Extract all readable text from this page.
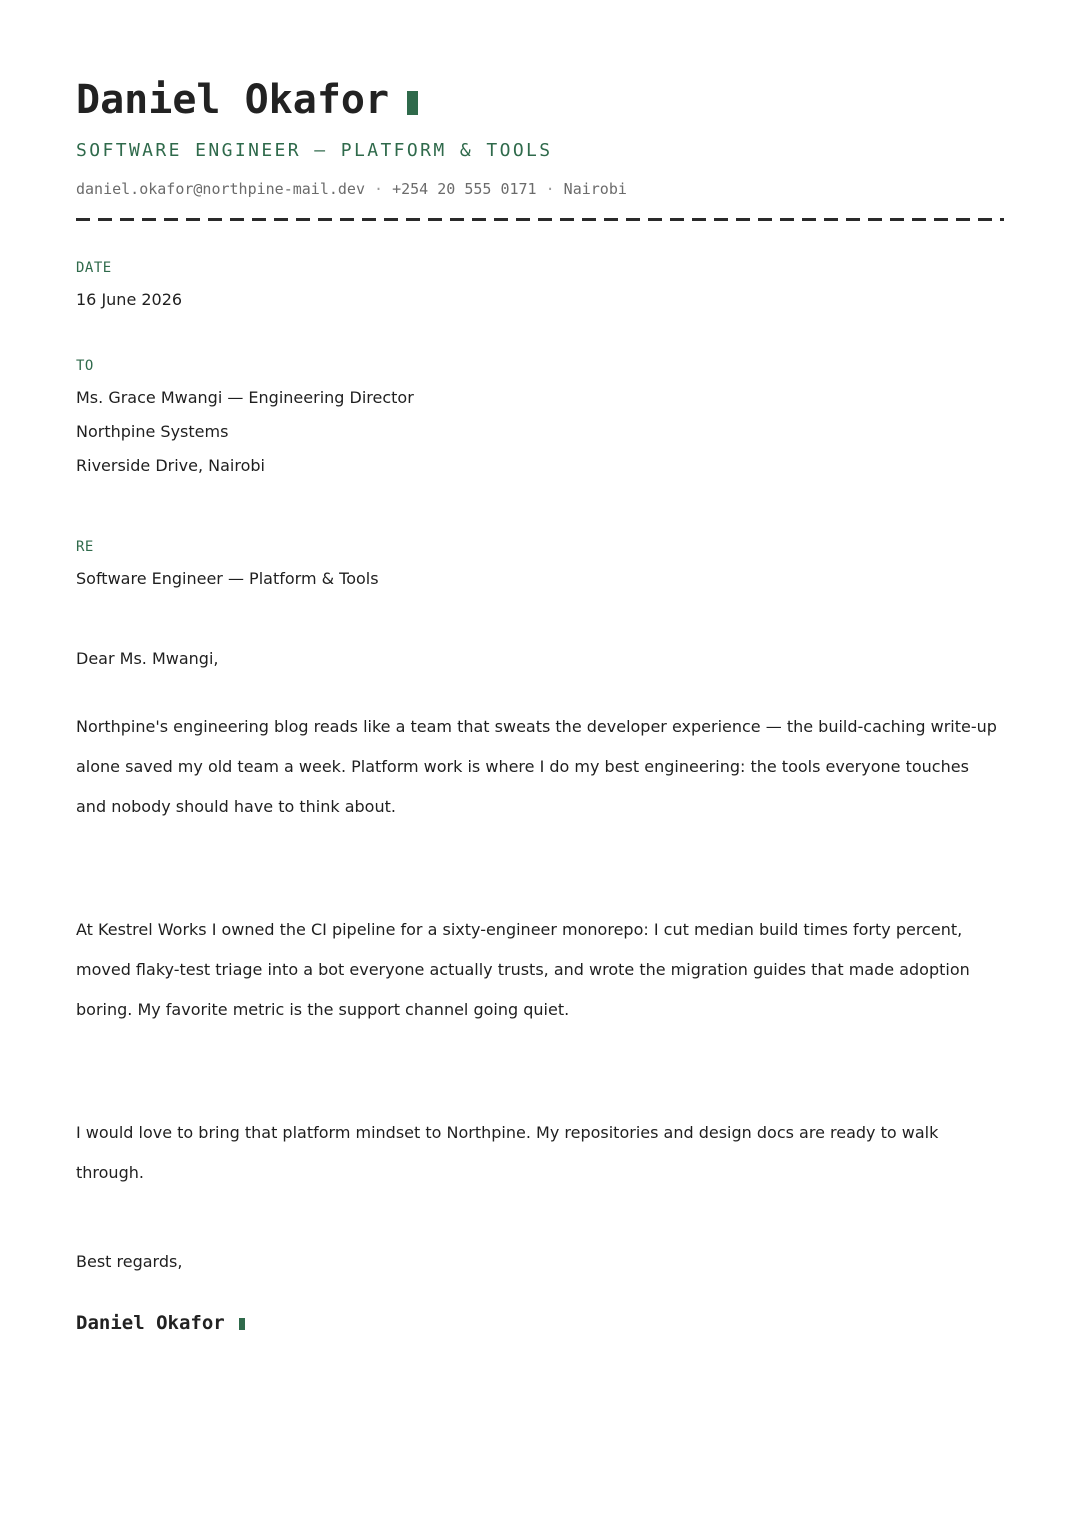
Daniel Okafor
SOFTWARE ENGINEER — PLATFORM & TOOLS
daniel.okafor@northpine-mail.dev · +254 20 555 0171 · Nairobi
DATE
16 June 2026
TO
Ms. Grace Mwangi — Engineering Director
Northpine Systems
Riverside Drive, Nairobi
RE
Software Engineer — Platform & Tools
Dear Ms. Mwangi,

Northpine's engineering blog reads like a team that sweats the developer experience — the build-caching write-up alone saved my old team a week. Platform work is where I do my best engineering: the tools everyone touches and nobody should have to think about.

At Kestrel Works I owned the CI pipeline for a sixty-engineer monorepo: I cut median build times forty percent, moved flaky-test triage into a bot everyone actually trusts, and wrote the migration guides that made adoption boring. My favorite metric is the support channel going quiet.

I would love to bring that platform mindset to Northpine. My repositories and design docs are ready to walk through.

Best regards,
Daniel Okafor
